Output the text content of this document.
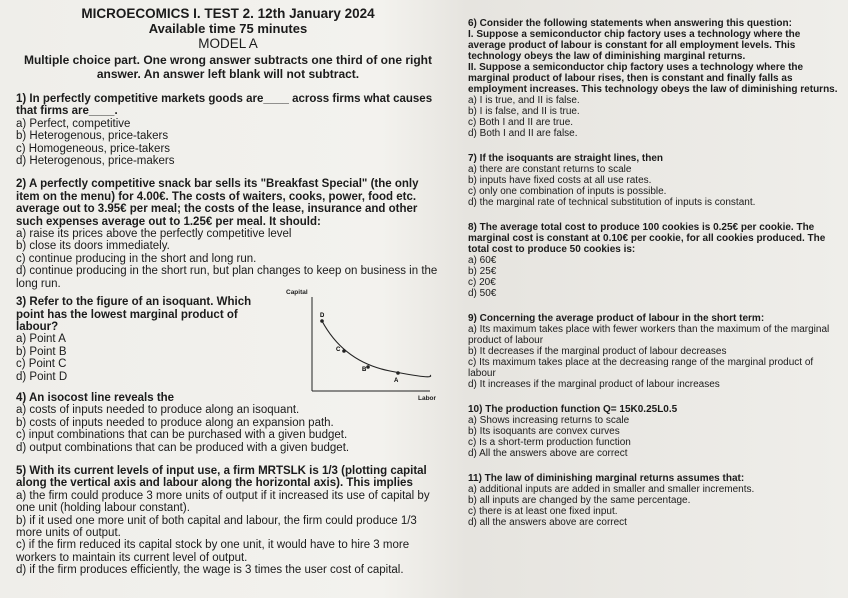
MICROECOMICS I. TEST 2. 12th January 2024
Available time 75 minutes
MODEL A
Multiple choice part. One wrong answer subtracts one third of one right answer. An answer left blank will not subtract.

1) In perfectly competitive markets goods are____ across firms what causes that firms are____.

a) Perfect, competitive

b) Heterogenous, price-takers

c) Homogeneous, price-takers

d) Heterogenous, price-makers

2) A perfectly competitive snack bar sells its "Breakfast Special" (the only item on the menu) for 4.00€. The costs of waiters, cooks, power, food etc. average out to 3.95€ per meal; the costs of the lease, insurance and other such expenses average out to 1.25€ per meal. It should:

a) raise its prices above the perfectly competitive level

b) close its doors immediately.

c) continue producing in the short and long run.

d) continue producing in the short run, but plan changes to keep on business in the long run.

3) Refer to the figure of an isoquant. Which point has the lowest marginal product of labour?

a) Point A

b) Point B

c) Point C

d) Point D

4) An isocost line reveals the

a) costs of inputs needed to produce along an isoquant.

b) costs of inputs needed to produce along an expansion path.

c) input combinations that can be purchased with a given budget.

d) output combinations that can be produced with a given budget.

5) With its current levels of input use, a firm MRTSLK is 1/3 (plotting capital along the vertical axis and labour along the horizontal axis). This implies

a) the firm could produce 3 more units of output if it increased its use of capital by one unit (holding labour constant).

b) if it used one more unit of both capital and labour, the firm could produce 1/3 more units of output.

c) if the firm reduced its capital stock by one unit, it would have to hire 3 more workers to maintain its current level of output.

d) if the firm produces efficiently, the wage is 3 times the user cost of capital.

Capital
Labor
D
C
B
A

6) Consider the following statements when answering this question:
I. Suppose a semiconductor chip factory uses a technology where the average product of labour is constant for all employment levels. This technology obeys the law of diminishing marginal returns.
II. Suppose a semiconductor chip factory uses a technology where the marginal product of labour rises, then is constant and finally falls as employment increases. This technology obeys the law of diminishing returns.

a) I is true, and II is false.

b) I is false, and II is true.

c) Both I and II are true.

d) Both I and II are false.

7) If the isoquants are straight lines, then

a) there are constant returns to scale

b) inputs have fixed costs at all use rates.

c) only one combination of inputs is possible.

d) the marginal rate of technical substitution of inputs is constant.

8) The average total cost to produce 100 cookies is 0.25€ per cookie. The marginal cost is constant at 0.10€ per cookie, for all cookies produced. The total cost to produce 50 cookies is:

a) 60€

b) 25€

c) 20€

d) 50€

9) Concerning the average product of labour in the short term:

a) Its maximum takes place with fewer workers than the maximum of the marginal product of labour

b) It decreases if the marginal product of labour decreases

c) Its maximum takes place at the decreasing range of the marginal product of labour

d) It increases if the marginal product of labour increases

10) The production function Q= 15K0.25L0.5

a) Shows increasing returns to scale

b) Its isoquants are convex curves

c) Is a short-term production function

d) All the answers above are correct

11) The law of diminishing marginal returns assumes that:

a) additional inputs are added in smaller and smaller increments.

b) all inputs are changed by the same percentage.

c) there is at least one fixed input.

d) all the answers above are correct
